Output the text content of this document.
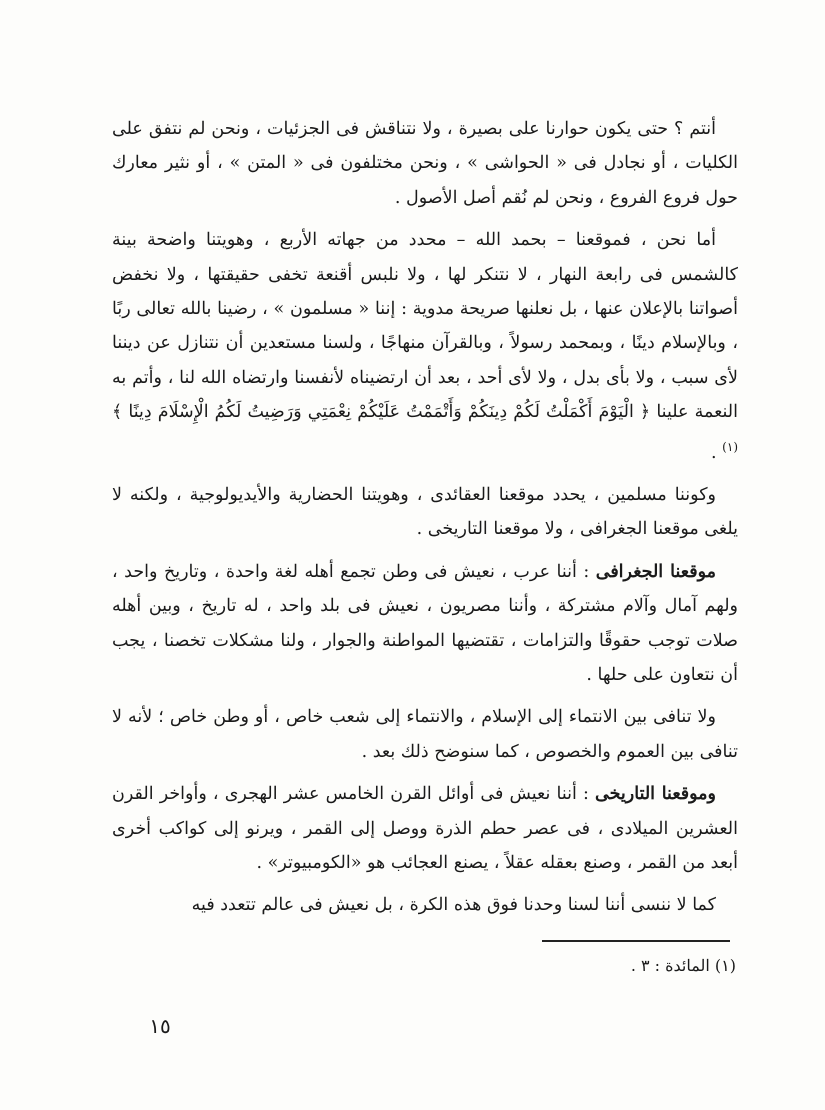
أنتم ؟ حتى يكون حوارنا على بصيرة ، ولا نتناقش فى الجزئيات ، ونحن لم نتفق على الكليات ، أو نجادل فى « الحواشى » ، ونحن مختلفون فى « المتن » ، أو نثير معارك حول فروع الفروع ، ونحن لم نُقم أصل الأصول .

أما نحن ، فموقعنا – بحمد الله – محدد من جهاته الأربع ، وهويتنا واضحة بينة كالشمس فى رابعة النهار ، لا نتنكر لها ، ولا نلبس أقنعة تخفى حقيقتها ، ولا نخفض أصواتنا بالإعلان عنها ، بل نعلنها صريحة مدوية : إننا « مسلمون » ، رضينا بالله تعالى ربًا ، وبالإسلام دينًا ، وبمحمد رسولاً ، وبالقرآن منهاجًا ، ولسنا مستعدين أن نتنازل عن ديننا لأى سبب ، ولا بأى بدل ، ولا لأى أحد ، بعد أن ارتضيناه لأنفسنا وارتضاه الله لنا ، وأتم به النعمة علينا ﴿ الْيَوْمَ أَكْمَلْتُ لَكُمْ دِينَكُمْ وَأَتْمَمْتُ عَلَيْكُمْ نِعْمَتِي وَرَضِيتُ لَكُمُ الْإِسْلَامَ دِينًا ﴾ $^{(١)}$ .

وكوننا مسلمين ، يحدد موقعنا العقائدى ، وهويتنا الحضارية والأيديولوجية ، ولكنه لا يلغى موقعنا الجغرافى ، ولا موقعنا التاريخى .

موقعنا الجغرافى : أننا عرب ، نعيش فى وطن تجمع أهله لغة واحدة ، وتاريخ واحد ، ولهم آمال وآلام مشتركة ، وأننا مصريون ، نعيش فى بلد واحد ، له تاريخ ، وبين أهله صلات توجب حقوقًا والتزامات ، تقتضيها المواطنة والجوار ، ولنا مشكلات تخصنا ، يجب أن نتعاون على حلها .

ولا تنافى بين الانتماء إلى الإسلام ، والانتماء إلى شعب خاص ، أو وطن خاص ؛ لأنه لا تنافى بين العموم والخصوص ، كما سنوضح ذلك بعد .

وموقعنا التاريخى : أننا نعيش فى أوائل القرن الخامس عشر الهجرى ، وأواخر القرن العشرين الميلادى ، فى عصر حطم الذرة ووصل إلى القمر ، ويرنو إلى كواكب أخرى أبعد من القمر ، وصنع بعقله عقلاً ، يصنع العجائب هو «الكومبيوتر» .

كما لا ننسى أننا لسنا وحدنا فوق هذه الكرة ، بل نعيش فى عالم تتعدد فيه

(١) المائدة : ٣ .
١٥
